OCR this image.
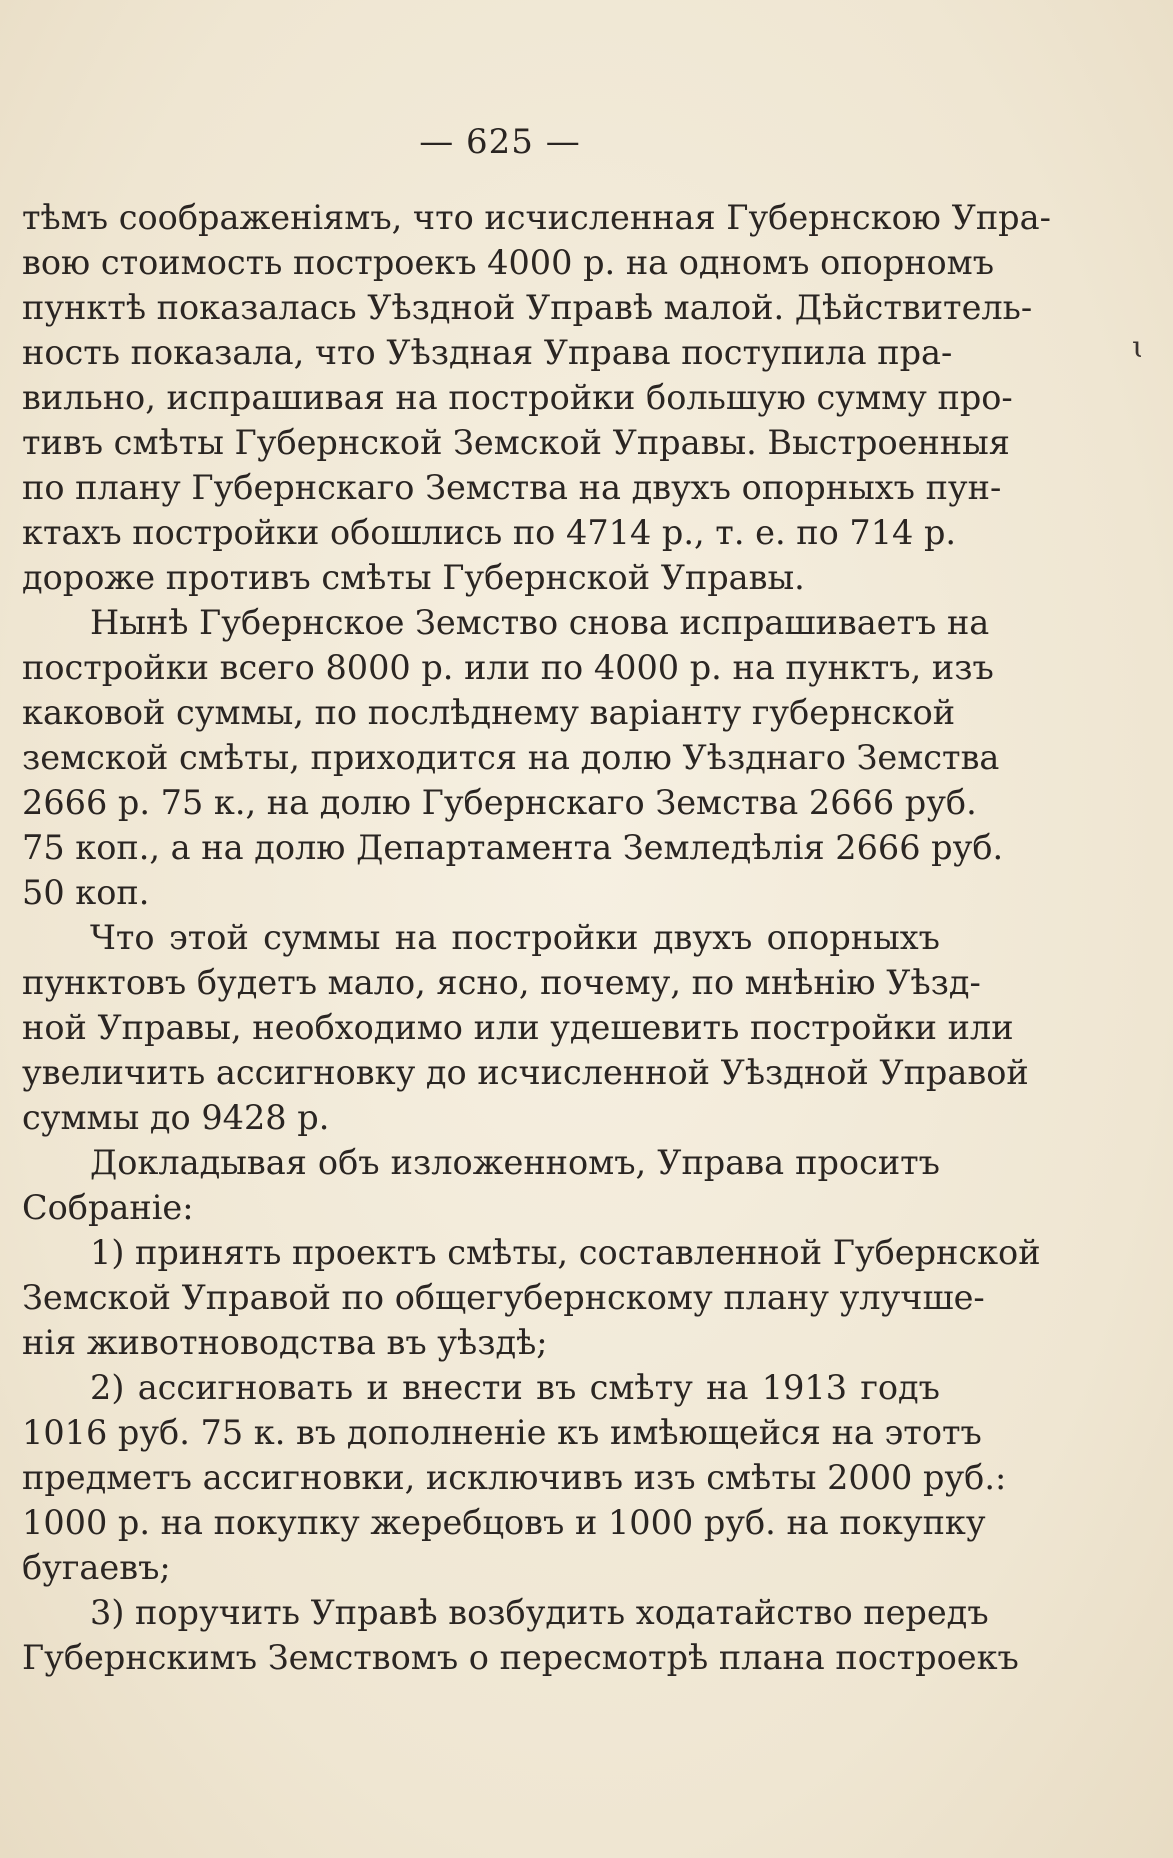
— 625 —
ɩ
тѣмъ соображеніямъ, что исчисленная Губернскою Упра-
вою стоимость построекъ 4000 р. на одномъ опорномъ
пунктѣ показалась Уѣздной Управѣ малой. Дѣйствитель-
ность показала, что Уѣздная Управа поступила пра-
вильно, испрашивая на постройки большую сумму про-
тивъ смѣты Губернской Земской Управы. Выстроенныя
по плану Губернскаго Земства на двухъ опорныхъ пун-
ктахъ постройки обошлись по 4714 р., т. е. по 714 р.
дороже противъ смѣты Губернской Управы.
Нынѣ Губернское Земство снова испрашиваетъ на
постройки всего 8000 р. или по 4000 р. на пунктъ, изъ
каковой суммы, по послѣднему варіанту губернской
земской смѣты, приходится на долю Уѣзднаго Земства
2666 р. 75 к., на долю Губернскаго Земства 2666 руб.
75 коп., а на долю Департамента Земледѣлія 2666 руб.
50 коп.
Что этой суммы на постройки двухъ опорныхъ
пунктовъ будетъ мало, ясно, почему, по мнѣнію Уѣзд-
ной Управы, необходимо или удешевить постройки или
увеличить ассигновку до исчисленной Уѣздной Управой
суммы до 9428 р.
Докладывая объ изложенномъ, Управа проситъ
Собраніе:
1) принять проектъ смѣты, составленной Губернской
Земской Управой по общегубернскому плану улучше-
нія животноводства въ уѣздѣ;
2) ассигновать и внести въ смѣту на 1913 годъ
1016 руб. 75 к. въ дополненіе къ имѣющейся на этотъ
предметъ ассигновки, исключивъ изъ смѣты 2000 руб.:
1000 р. на покупку жеребцовъ и 1000 руб. на покупку
бугаевъ;
3) поручить Управѣ возбудить ходатайство передъ
Губернскимъ Земствомъ о пересмотрѣ плана построекъ
